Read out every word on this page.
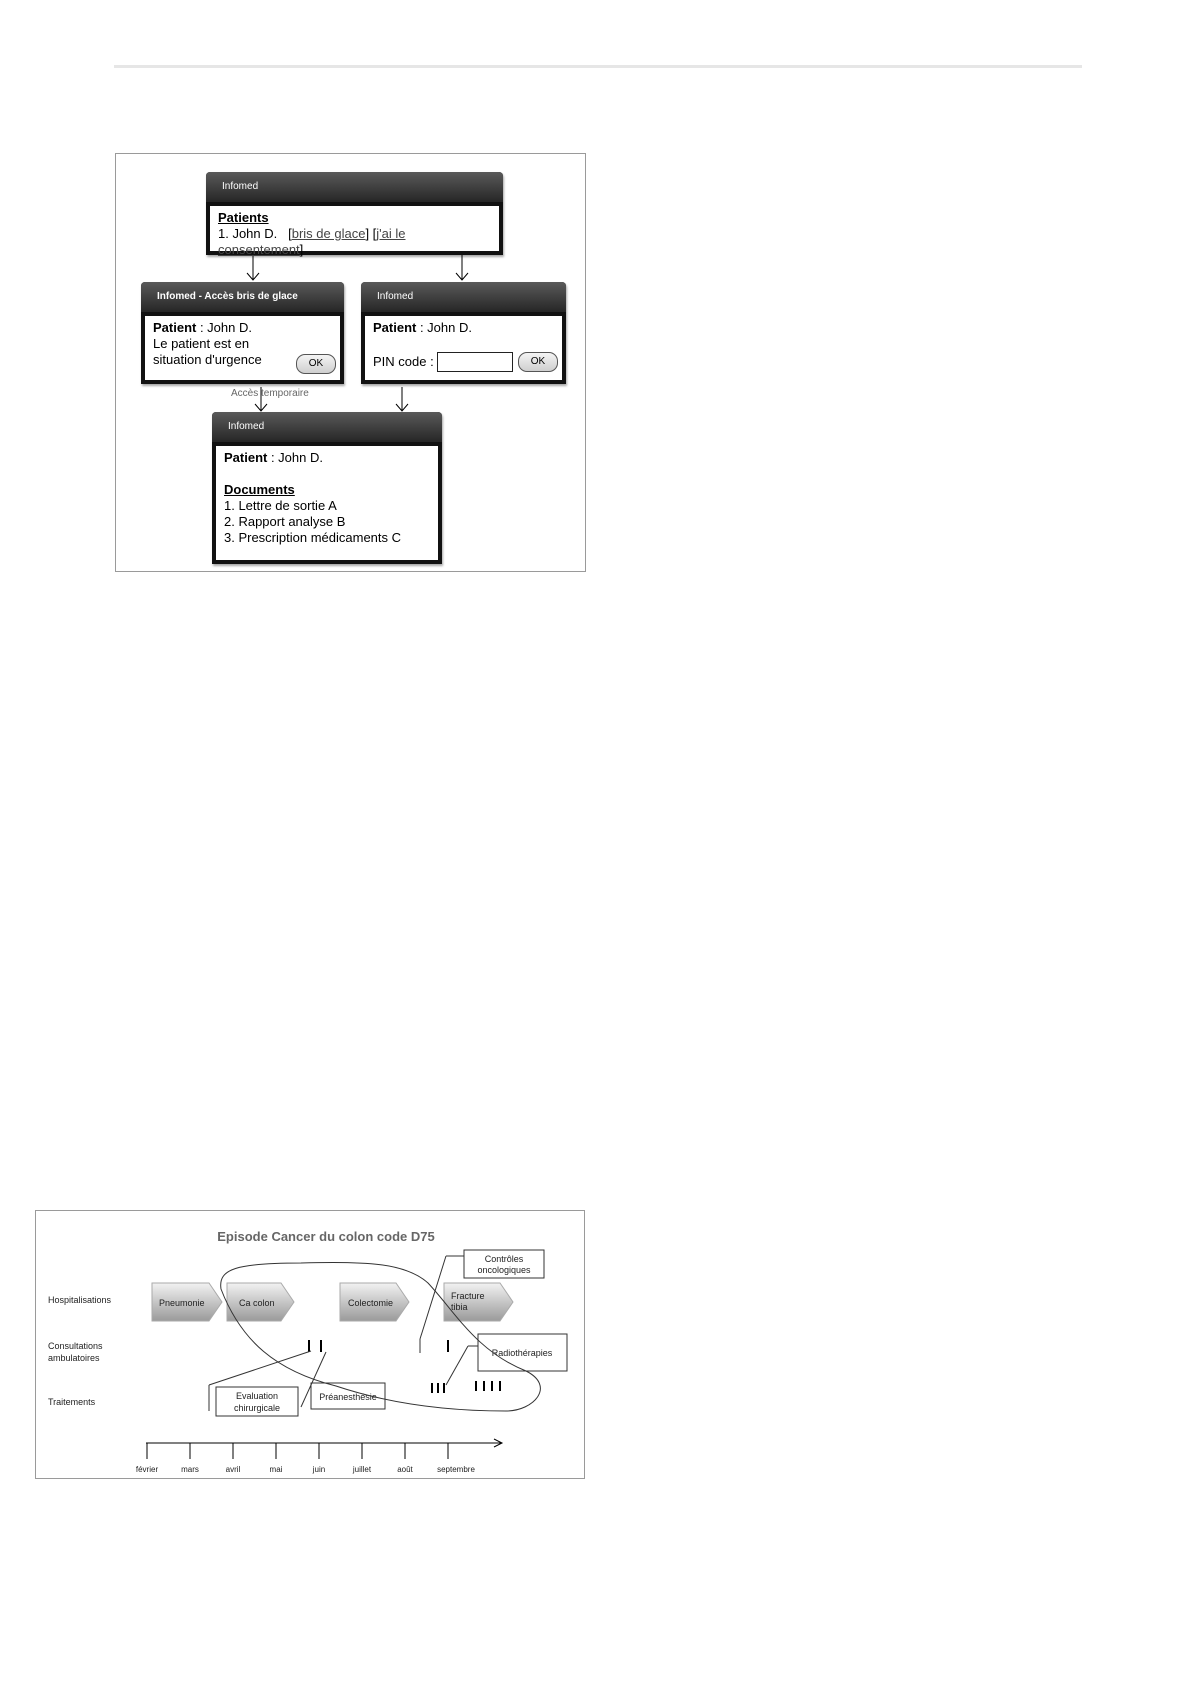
Infomed
Patients
1. John D.   [bris de glace] [j'ai le consentement]
Infomed - Accès bris de glace
Patient : John D.
Le patient est en
situation d'urgence	OK
Infomed
Patient : John D.
PIN code :	OK
Accès temporaire
Infomed
Patient : John D.
Documents
1. Lettre de sortie A
2. Rapport analyse B
3. Prescription médicaments C
Episode Cancer du colon code D75
Hospitalisations
Consultations
ambulatoires
Traitements
Pneumonie	Ca colon	Colectomie
Fracture
tibia
Contrôles
oncologiques
Radiothérapies
Evaluation
chirurgicale
Préanesthésie
février	mars	avril	mai	juin	juillet	août	septembre
